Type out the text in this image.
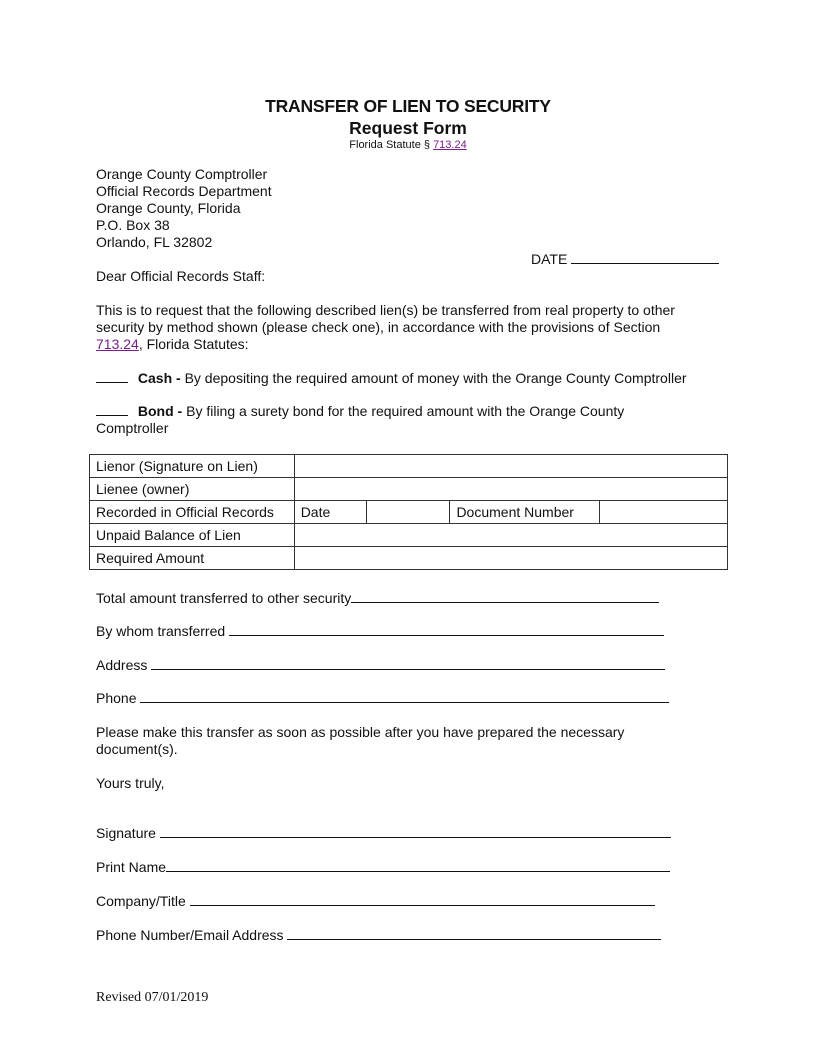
TRANSFER OF LIEN TO SECURITY
Request Form
Florida Statute § 713.24
Orange County Comptroller
Official Records Department
Orange County, Florida
P.O. Box 38
Orlando, FL 32802
DATE
Dear Official Records Staff:
This is to request that the following described lien(s) be transferred from real property to other
security by method shown (please check one), in accordance with the provisions of Section
713.24, Florida Statutes:
Cash - By depositing the required amount of money with the Orange County Comptroller
Bond - By filing a surety bond for the required amount with the Orange County
Comptroller
Lienor (Signature on Lien)				
Lienee (owner)				
Recorded in Official Records	Date		Document Number	
Unpaid Balance of Lien				
Required Amount				
Total amount transferred to other security
By whom transferred
Address
Phone
Please make this transfer as soon as possible after you have prepared the necessary
document(s).
Yours truly,
Signature
Print Name
Company/Title
Phone Number/Email Address
Revised 07/01/2019
